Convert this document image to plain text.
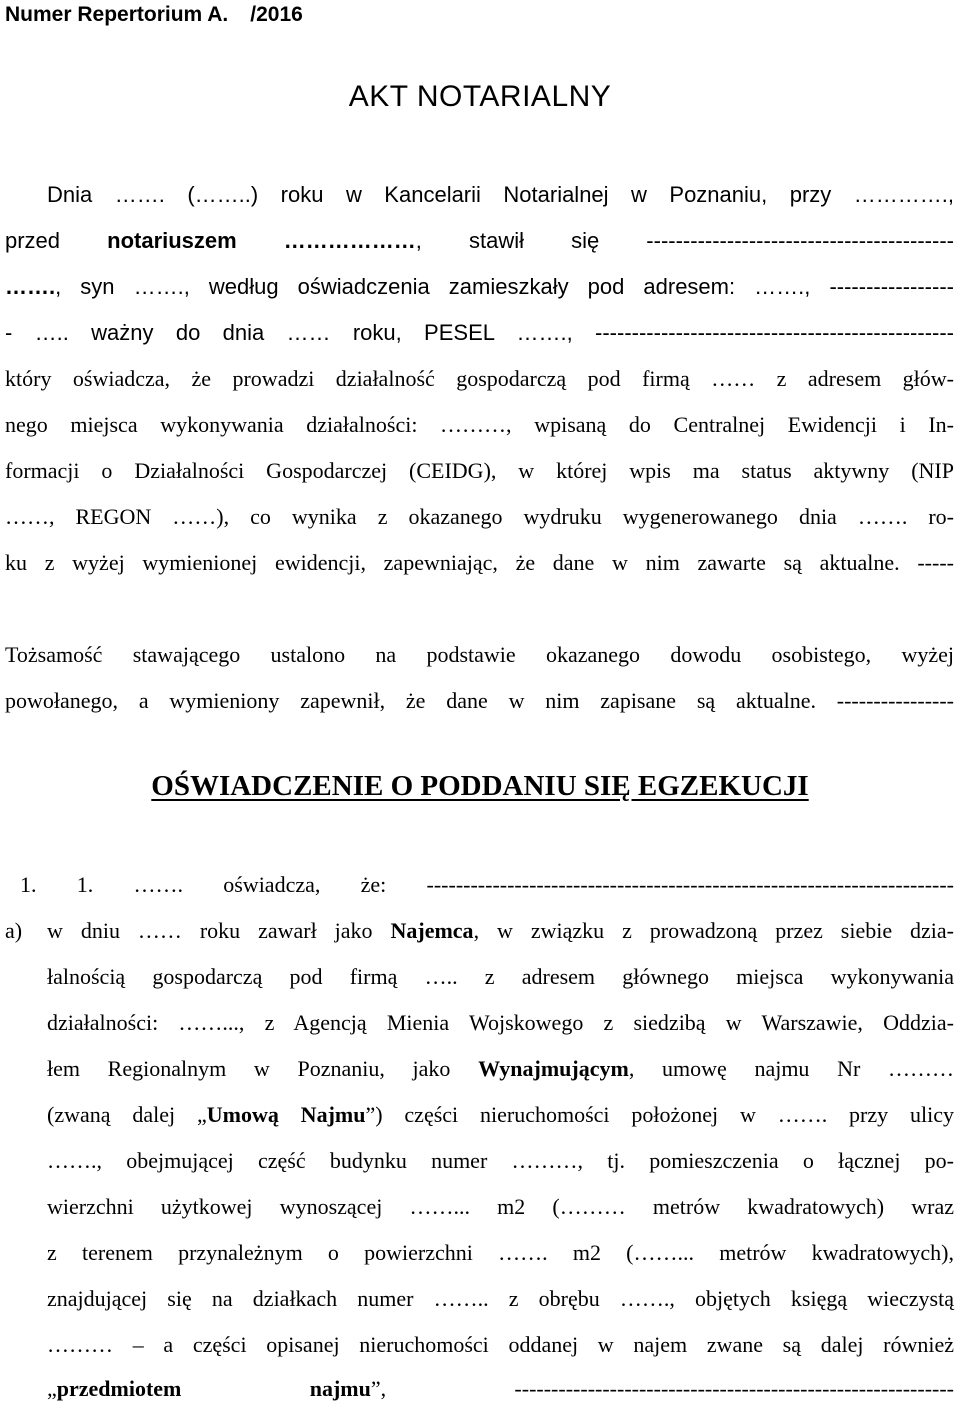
Numer Repertorium A. /2016
AKT NOTARIALNY
Dnia ……. (……..) roku w Kancelarii Notarialnej w Poznaniu, przy ………….,
przed notariuszem ………………, stawił się ------------------------------------------
……., syn ……., według oświadczenia zamieszkały pod adresem: ……., -----------------
- ….. ważny do dnia …… roku, PESEL ……., -------------------------------------------------
który oświadcza, że prowadzi działalność gospodarczą pod firmą …… z adresem głów-
nego miejsca wykonywania działalności: ………, wpisaną do Centralnej Ewidencji i In-
formacji o Działalności Gospodarczej (CEIDG), w której wpis ma status aktywny (NIP
……, REGON ……), co wynika z okazanego wydruku wygenerowanego dnia ……. ro-
ku z wyżej wymienionej ewidencji, zapewniając, że dane w nim zawarte są aktualne. -----
Tożsamość stawającego ustalono na podstawie okazanego dowodu osobistego, wyżej
powołanego, a wymieniony zapewnił, że dane w nim zapisane są aktualne. ----------------
OŚWIADCZENIE O PODDANIU SIĘ EGZEKUCJI
1. 1. ……. oświadcza, że: ------------------------------------------------------------------------
a) w dniu …… roku zawarł jako Najemca, w związku z prowadzoną przez siebie dzia-
łalnością gospodarczą pod firmą ….. z adresem głównego miejsca wykonywania
działalności: ……..., z Agencją Mienia Wojskowego z siedzibą w Warszawie, Oddzia-
łem Regionalnym w Poznaniu, jako Wynajmującym, umowę najmu Nr ………
(zwaną dalej „Umową Najmu”) części nieruchomości położonej w ……. przy ulicy
……., obejmującej część budynku numer ………, tj. pomieszczenia o łącznej po-
wierzchni użytkowej wynoszącej ……... m2 (……… metrów kwadratowych) wraz
z terenem przynależnym o powierzchni ……. m2 (……... metrów kwadratowych),
znajdującej się na działkach numer …….. z obrębu ……., objętych księgą wieczystą
……… – a części opisanej nieruchomości oddanej w najem zwane są dalej również
„przedmiotem najmu”, ------------------------------------------------------------
